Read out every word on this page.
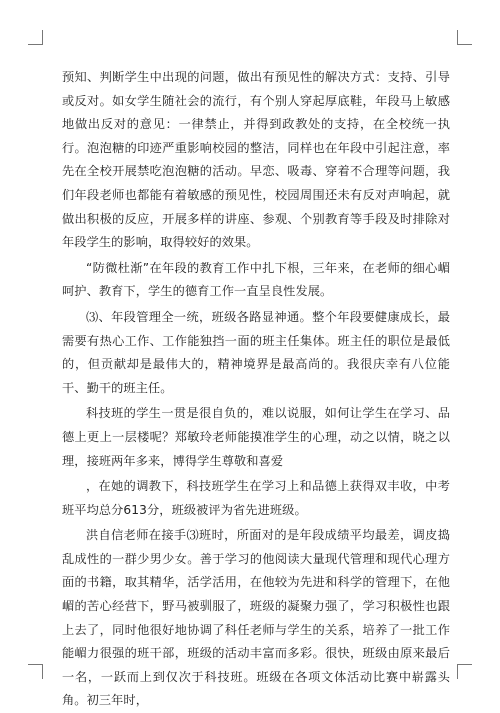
预知、判断学生中出现的问题，做出有预见性的解决方式：支持、引导或反对。如女学生随社会的流行，有个别人穿起厚底鞋，年段马上敏感地做出反对的意见：一律禁止，并得到政教处的支持，在全校统一执行。泡泡糖的印迹严重影响校园的整洁，同样也在年段中引起注意，率先在全校开展禁吃泡泡糖的活动。早恋、吸毒、穿着不合理等问题，我们年段老师也都能有着敏感的预见性，校园周围还未有反对声响起，就做出积极的反应，开展多样的讲座、参观、个别教育等手段及时排除对年段学生的影响，取得较好的效果。

“防微杜渐”在年段的教育工作中扎下根，三年来，在老师的细心嵋呵护、教育下，学生的德育工作一直呈良性发展。

⑶、年段管理全一统，班级各路显神通。整个年段要健康成长，最需要有热心工作、工作能独挡一面的班主任集体。班主任的职位是最低的，但贡献却是最伟大的，精神境界是最高尚的。我很庆幸有八位能干、勤干的班主任。

科技班的学生一贯是很自负的，难以说服，如何让学生在学习、品德上更上一层楼呢？郑敏玲老师能摸准学生的心理，动之以情，晓之以理，接班两年多来，博得学生尊敬和喜爱

，在她的调教下，科技班学生在学习上和品德上获得双丰收，中考班平均总分613分，班级被评为省先进班级。

洪自信老师在接手⑶班时，所面对的是年段成绩平均最差，调皮捣乱成性的一群少男少女。善于学习的他阅读大量现代管理和现代心理方面的书籍，取其精华，活学活用，在他较为先进和科学的管理下，在他嵋的苦心经营下，野马被驯服了，班级的凝聚力强了，学习积极性也跟上去了，同时他很好地协调了科任老师与学生的关系，培养了一批工作能嵋力很强的班干部，班级的活动丰富而多彩。很快，班级由原来最后一名，一跃而上到仅次于科技班。班级在各项文体活动比赛中崭露头角。初三年时，
